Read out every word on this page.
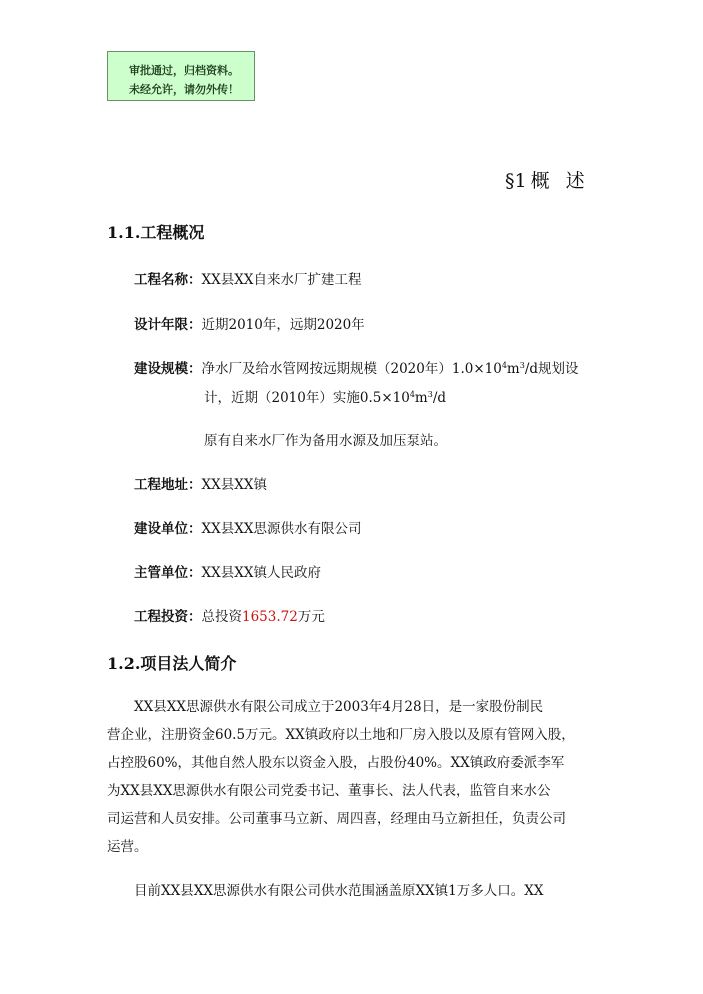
审批通过，归档资料。
未经允许，请勿外传！
§1 概 述
1.1.工程概况
工程名称：XX县XX自来水厂扩建工程
设计年限：近期2010年，远期2020年
建设规模：净水厂及给水管网按远期规模（2020年）$1.0\times 10^4m^3/d$规划设
计，近期（2010年）实施$0.5\times 10^4m^3/d$
原有自来水厂作为备用水源及加压泵站。
工程地址：XX县XX镇
建设单位：XX县XX思源供水有限公司
主管单位：XX县XX镇人民政府
工程投资：总投资1653.72万元
1.2.项目法人简介
XX县XX思源供水有限公司成立于2003年4月28日，是一家股份制民
营企业，注册资金60.5万元。XX镇政府以土地和厂房入股以及原有管网入股，
占控股60%，其他自然人股东以资金入股，占股份40%。XX镇政府委派李军
为XX县XX思源供水有限公司党委书记、董事长、法人代表，监管自来水公
司运营和人员安排。公司董事马立新、周四喜，经理由马立新担任，负责公司
运营。
目前XX县XX思源供水有限公司供水范围涵盖原XX镇1万多人口。XX
